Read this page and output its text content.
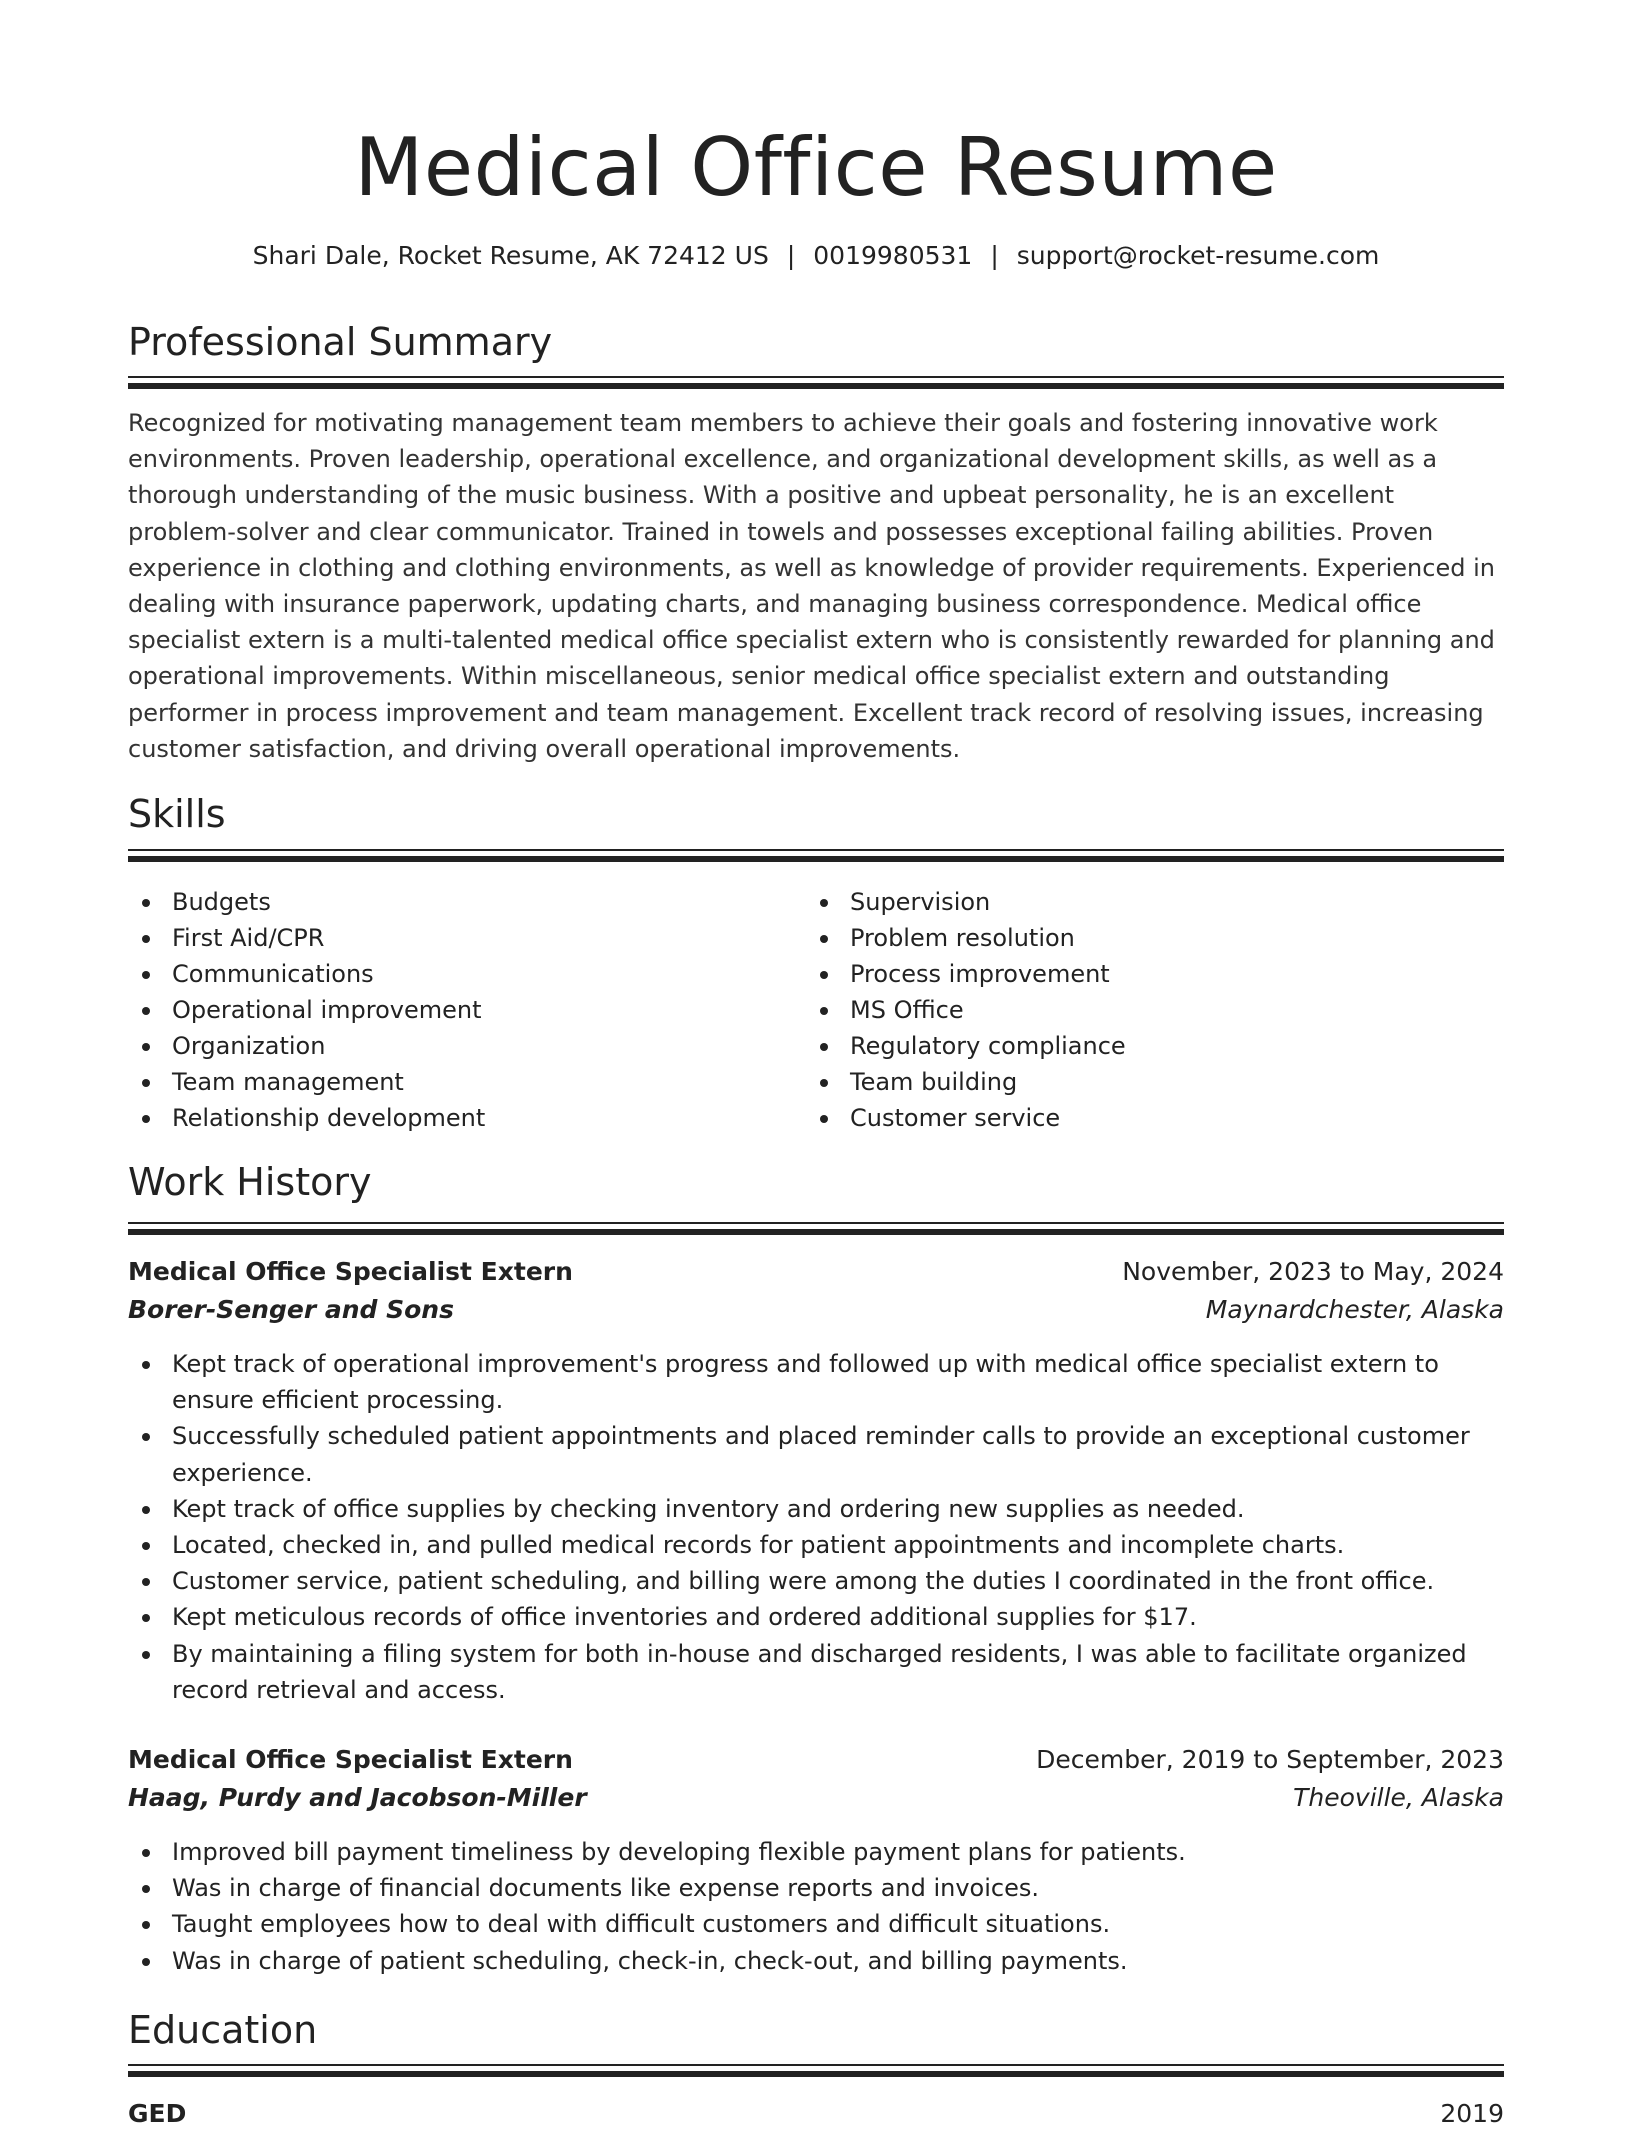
Medical Office Resume
Shari Dale, Rocket Resume, AK 72412 US | 0019980531 | support@rocket-resume.com
Professional Summary

Recognized for motivating management team members to achieve their goals and fostering innovative work environments. Proven leadership, operational excellence, and organizational development skills, as well as a thorough understanding of the music business. With a positive and upbeat personality, he is an excellent problem-solver and clear communicator. Trained in towels and possesses exceptional failing abilities. Proven experience in clothing and clothing environments, as well as knowledge of provider requirements. Experienced in dealing with insurance paperwork, updating charts, and managing business correspondence. Medical office specialist extern is a multi-talented medical office specialist extern who is consistently rewarded for planning and operational improvements. Within miscellaneous, senior medical office specialist extern and outstanding performer in process improvement and team management. Excellent track record of resolving issues, increasing customer satisfaction, and driving overall operational improvements.

Skills
Budgets
First Aid/CPR
Communications
Operational improvement
Organization
Team management
Relationship development
Supervision
Problem resolution
Process improvement
MS Office
Regulatory compliance
Team building
Customer service
Work History
Medical Office Specialist Extern	November, 2023 to May, 2024
Borer-Senger and Sons	Maynardchester, Alaska
Kept track of operational improvement's progress and followed up with medical office specialist extern to ensure efficient processing.
Successfully scheduled patient appointments and placed reminder calls to provide an exceptional customer experience.
Kept track of office supplies by checking inventory and ordering new supplies as needed.
Located, checked in, and pulled medical records for patient appointments and incomplete charts.
Customer service, patient scheduling, and billing were among the duties I coordinated in the front office.
Kept meticulous records of office inventories and ordered additional supplies for $17.
By maintaining a filing system for both in-house and discharged residents, I was able to facilitate organized record retrieval and access.
Medical Office Specialist Extern	December, 2019 to September, 2023
Haag, Purdy and Jacobson-Miller	Theoville, Alaska
Improved bill payment timeliness by developing flexible payment plans for patients.
Was in charge of financial documents like expense reports and invoices.
Taught employees how to deal with difficult customers and difficult situations.
Was in charge of patient scheduling, check-in, check-out, and billing payments.
Education
GED	2019
